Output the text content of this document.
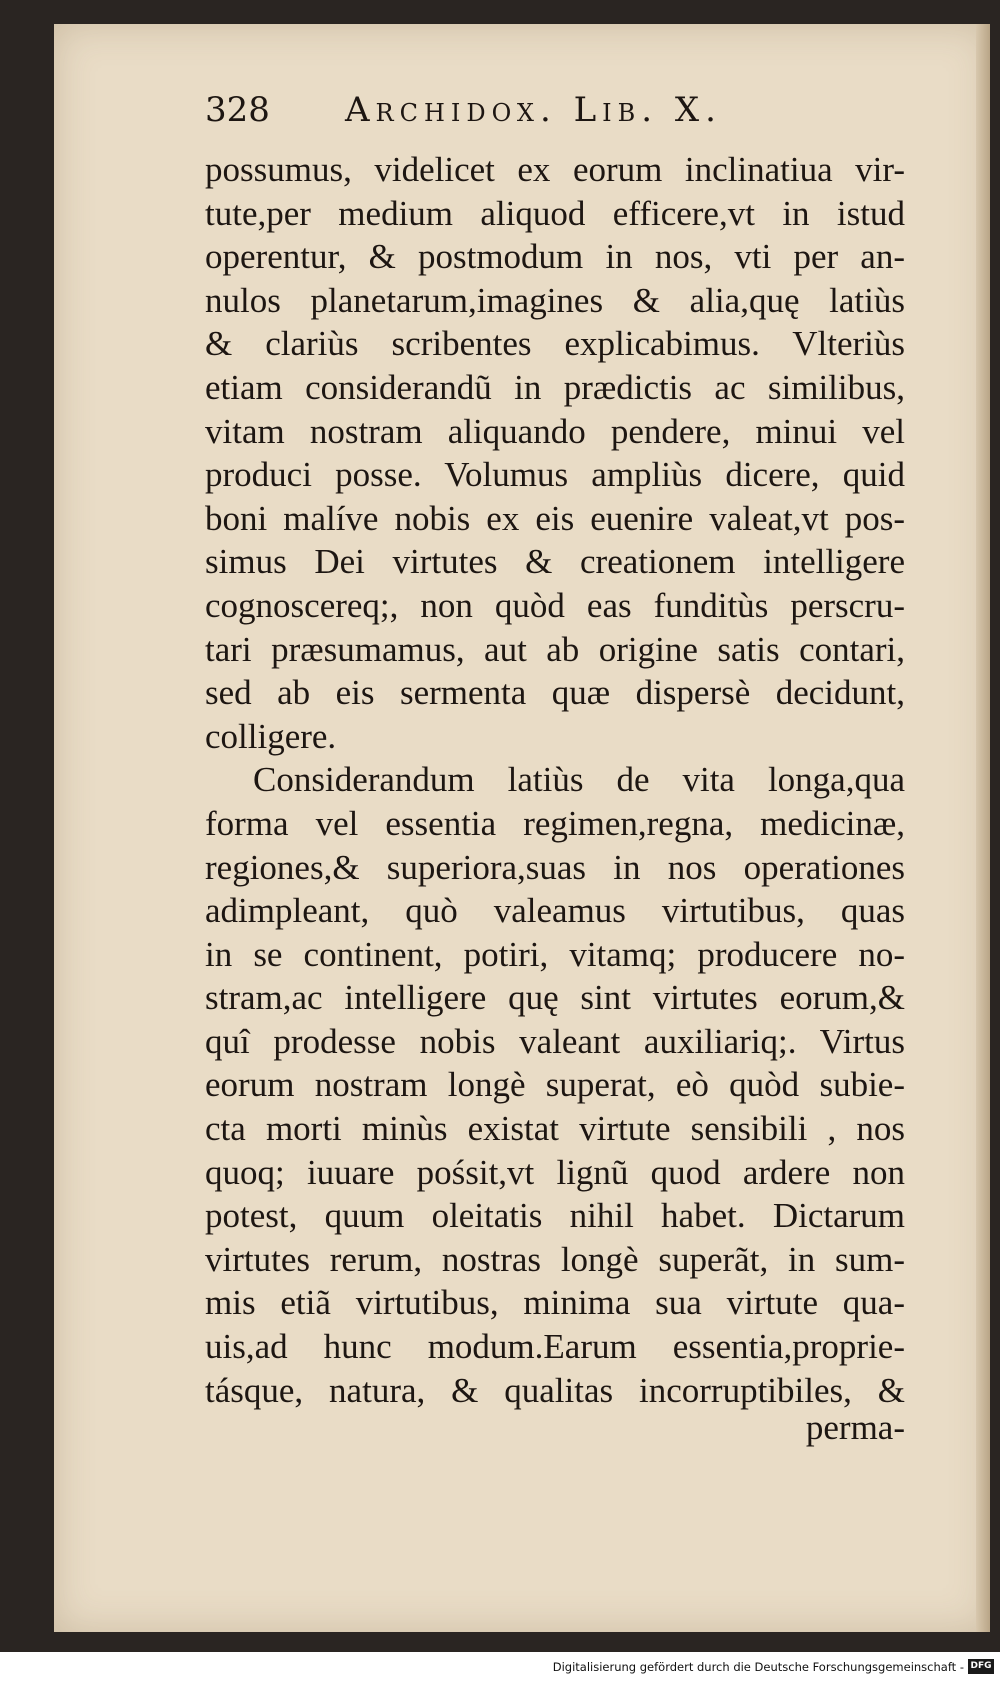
328 Archidox. Lib. X.
possumus, videlicet ex eorum inclinatiua vir-
tute,per medium aliquod efficere,vt in istud
operentur, & postmodum in nos, vti per an-
nulos planetarum,imagines & alia,quę latiùs
& clariùs scribentes explicabimus. Vlteriùs
etiam considerandũ in prædictis ac similibus,
vitam nostram aliquando pendere, minui vel
produci posse. Volumus ampliùs dicere, quid
boni malíve nobis ex eis euenire valeat,vt pos-
simus Dei virtutes & creationem intelligere
cognoscereq;, non quòd eas funditùs perscru-
tari præsumamus, aut ab origine satis contari,
sed ab eis sermenta quæ dispersè decidunt,
colligere.
Considerandum latiùs de vita longa,qua
forma vel essentia regimen,regna, medicinæ,
regiones,& superiora,suas in nos operationes
adimpleant, quò valeamus virtutibus, quas
in se continent, potiri, vitamq; producere no-
stram,ac intelligere quę sint virtutes eorum,&
quî prodesse nobis valeant auxiliariq;. Virtus
eorum nostram longè superat, eò quòd subie-
cta morti minùs existat virtute sensibili , nos
quoq; iuuare pośsit,vt lignũ quod ardere non
potest, quum oleitatis nihil habet. Dictarum
virtutes rerum, nostras longè superãt, in sum-
mis etiã virtutibus, minima sua virtute qua-
uis,ad hunc modum.Earum essentia,proprie-
tásque, natura, & qualitas incorruptibiles, &
perma-
Digitalisierung gefördert durch die Deutsche Forschungsgemeinschaft - DFG
